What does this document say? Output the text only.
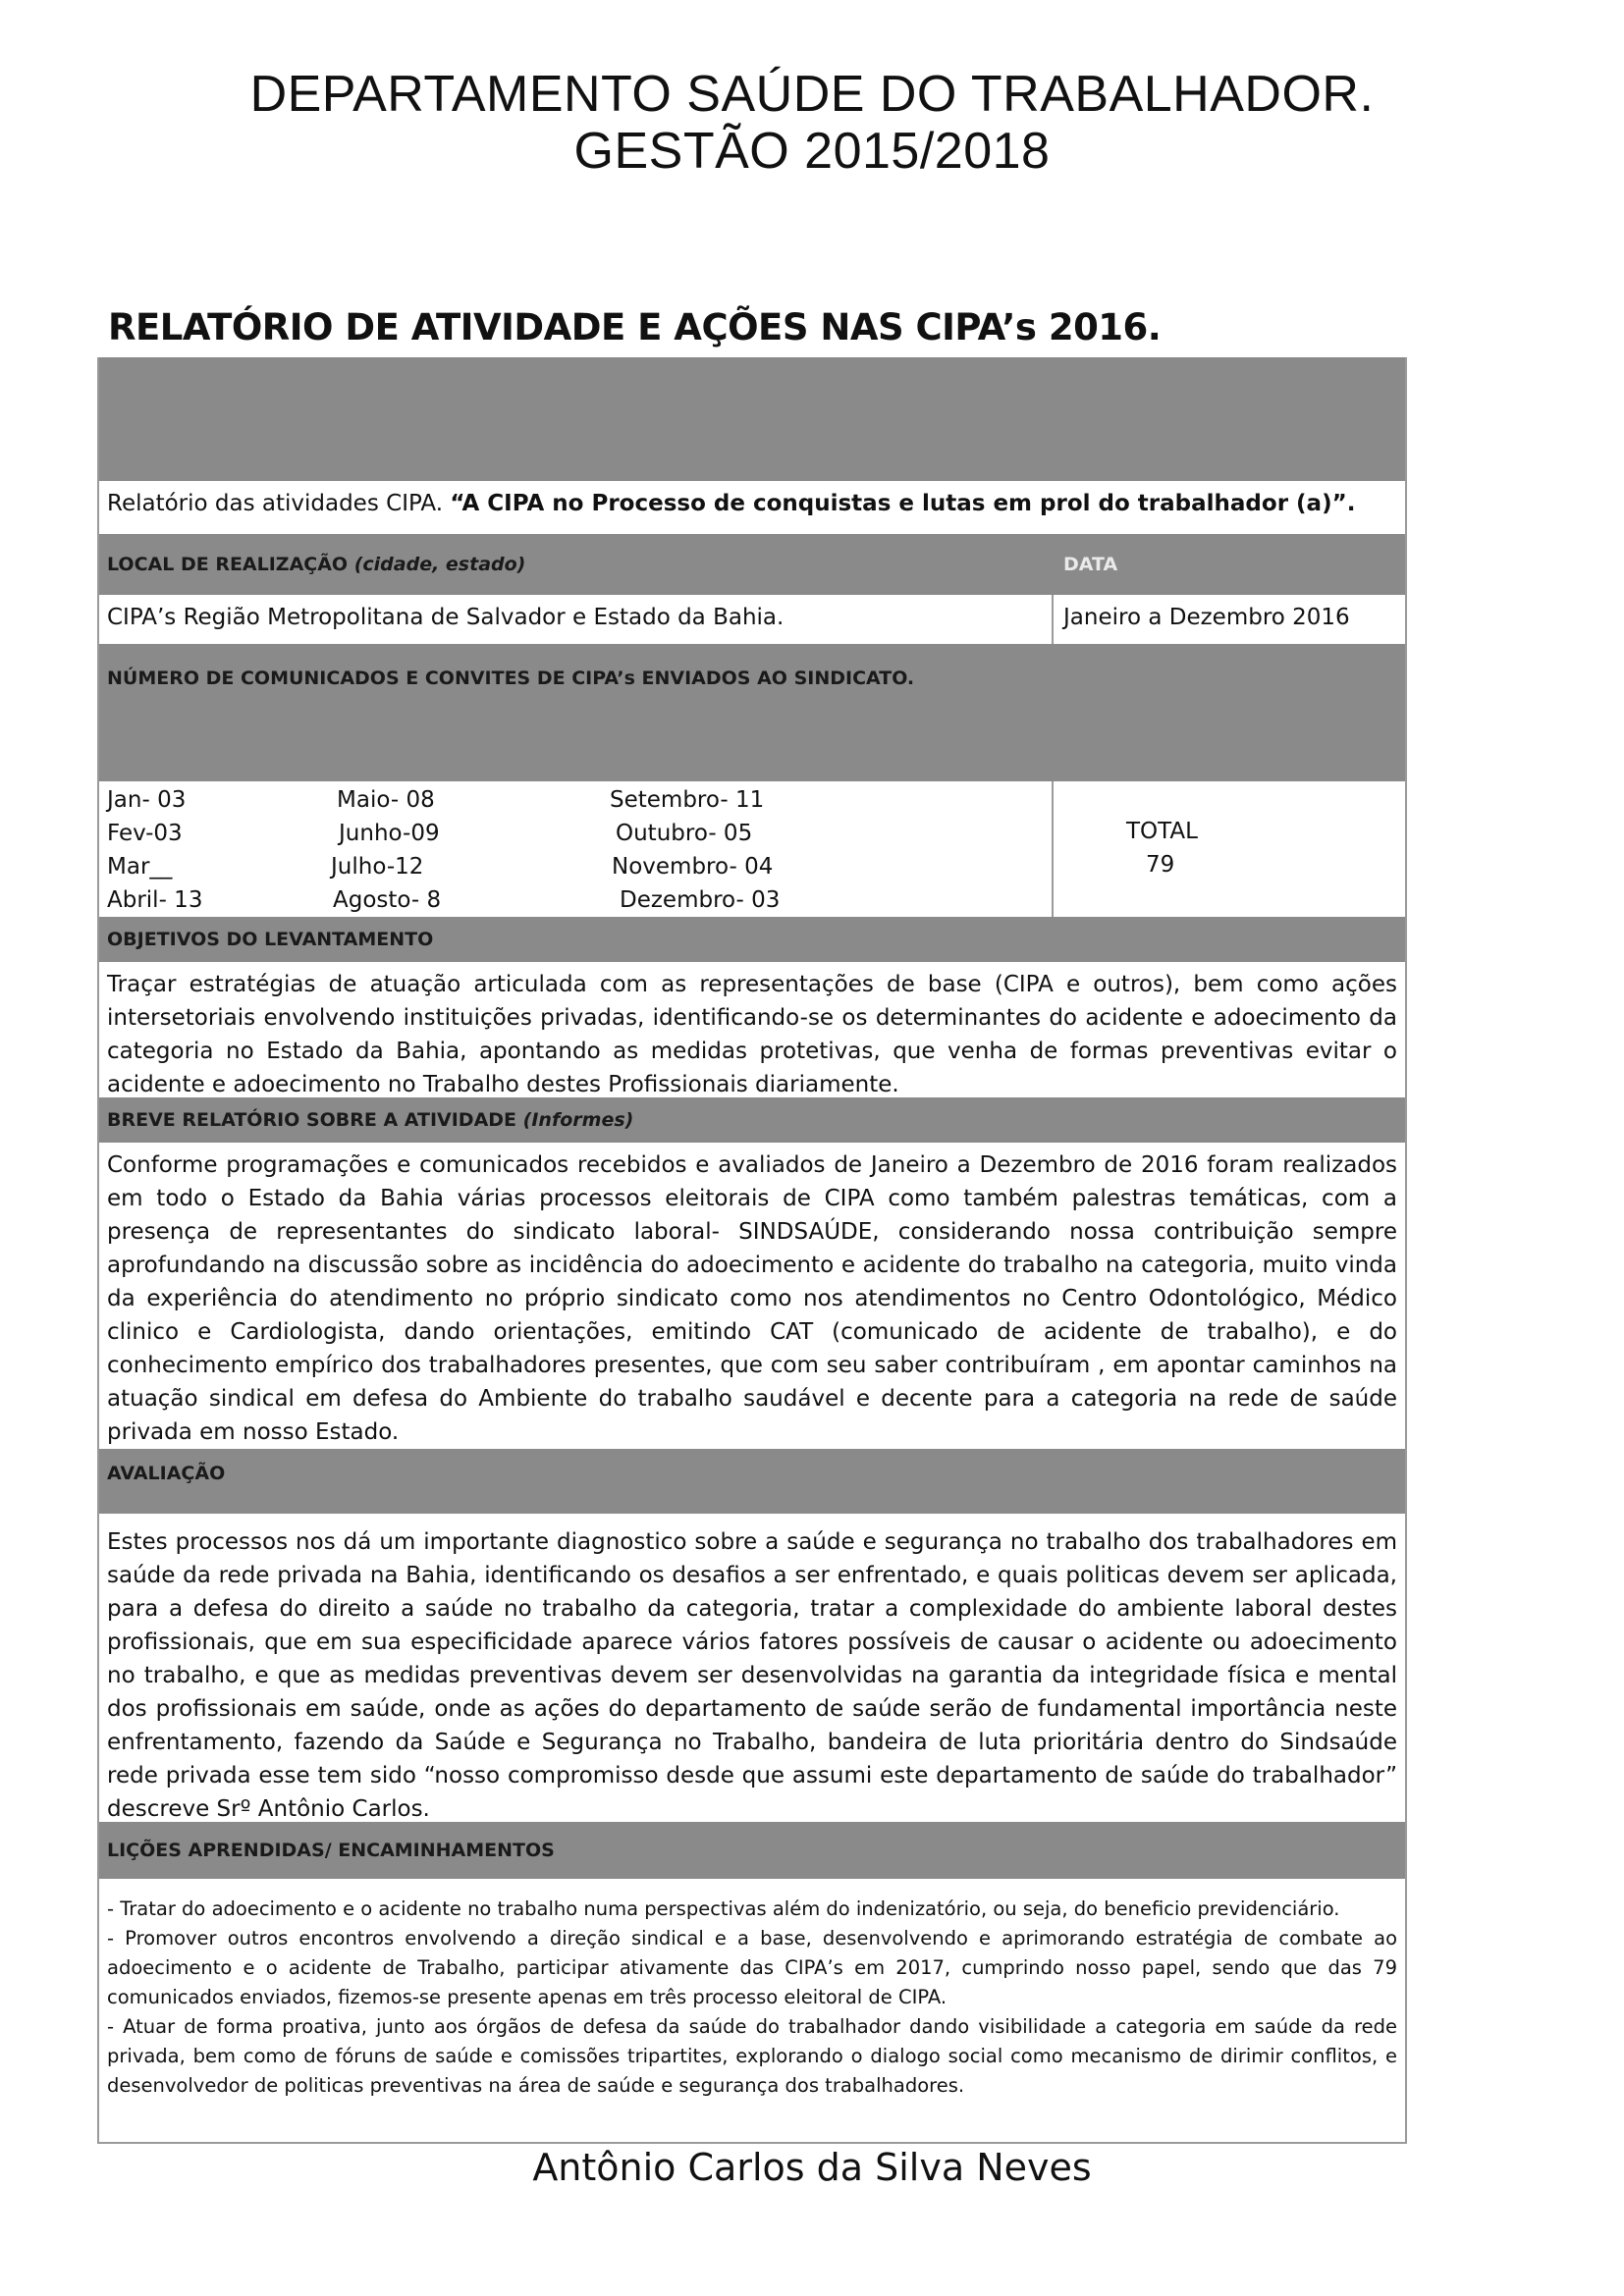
DEPARTAMENTO SAÚDE DO TRABALHADOR.
GESTÃO 2015/2018
RELATÓRIO DE ATIVIDADE E AÇÕES NAS CIPA’s 2016.
Relatório das atividades CIPA. “A CIPA no Processo de conquistas e lutas em prol do trabalhador (a)”.
LOCAL DE REALIZAÇÃO (cidade, estado)	DATA
CIPA’s Região Metropolitana de Salvador e Estado da Bahia.	Janeiro a Dezembro 2016
NÚMERO DE COMUNICADOS E CONVITES DE CIPA’s ENVIADOS AO SINDICATO.
Jan- 03
Fev-03
Mar__
Abril- 13
Maio- 08
Junho-09
Julho-12
Agosto- 8
Setembro- 11
Outubro- 05
Novembro- 04
Dezembro- 03
TOTAL
79
OBJETIVOS DO LEVANTAMENTO
Traçar estratégias de atuação articulada com as representações de base (CIPA e outros), bem como ações intersetoriais envolvendo instituições privadas, identificando-se os determinantes do acidente e adoecimento da categoria no Estado da Bahia, apontando as medidas protetivas, que venha de formas preventivas evitar o acidente e adoecimento no Trabalho destes Profissionais diariamente.
BREVE RELATÓRIO SOBRE A ATIVIDADE (Informes)
Conforme programações e comunicados recebidos e avaliados de Janeiro a Dezembro de 2016 foram realizados em todo o Estado da Bahia várias processos eleitorais de CIPA como também palestras temáticas, com a presença de representantes do sindicato laboral- SINDSAÚDE, considerando nossa contribuição sempre aprofundando na discussão sobre as incidência do adoecimento e acidente do trabalho na categoria, muito vinda da experiência do atendimento no próprio sindicato como nos atendimentos no Centro Odontológico, Médico clinico e Cardiologista, dando orientações, emitindo CAT (comunicado de acidente de trabalho), e do conhecimento empírico dos trabalhadores presentes, que com seu saber contribuíram , em apontar caminhos na atuação sindical em defesa do Ambiente do trabalho saudável e decente para a categoria na rede de saúde privada em nosso Estado.
AVALIAÇÃO
Estes processos nos dá um importante diagnostico sobre a saúde e segurança no trabalho dos trabalhadores em saúde da rede privada na Bahia, identificando os desafios a ser enfrentado, e quais politicas devem ser aplicada, para a defesa do direito a saúde no trabalho da categoria, tratar a complexidade do ambiente laboral destes profissionais, que em sua especificidade aparece vários fatores possíveis de causar o acidente ou adoecimento no trabalho, e que as medidas preventivas devem ser desenvolvidas na garantia da integridade física e mental dos profissionais em saúde, onde as ações do departamento de saúde serão de fundamental importância neste enfrentamento, fazendo da Saúde e Segurança no Trabalho, bandeira de luta prioritária dentro do Sindsaúde rede privada esse tem sido “nosso compromisso desde que assumi este departamento de saúde do trabalhador” descreve Srº Antônio Carlos.
LIÇÕES APRENDIDAS/ ENCAMINHAMENTOS

- Tratar do adoecimento e o acidente no trabalho numa perspectivas além do indenizatório, ou seja, do beneficio previdenciário.

- Promover outros encontros envolvendo a direção sindical e a base, desenvolvendo e aprimorando estratégia de combate ao adoecimento e o acidente de Trabalho, participar ativamente das CIPA’s em 2017, cumprindo nosso papel, sendo que das 79 comunicados enviados, fizemos-se presente apenas em três processo eleitoral de CIPA.

- Atuar de forma proativa, junto aos órgãos de defesa da saúde do trabalhador dando visibilidade a categoria em saúde da rede privada, bem como de fóruns de saúde e comissões tripartites, explorando o dialogo social como mecanismo de dirimir conflitos, e desenvolvedor de politicas preventivas na área de saúde e segurança dos trabalhadores.

Antônio Carlos da Silva Neves
